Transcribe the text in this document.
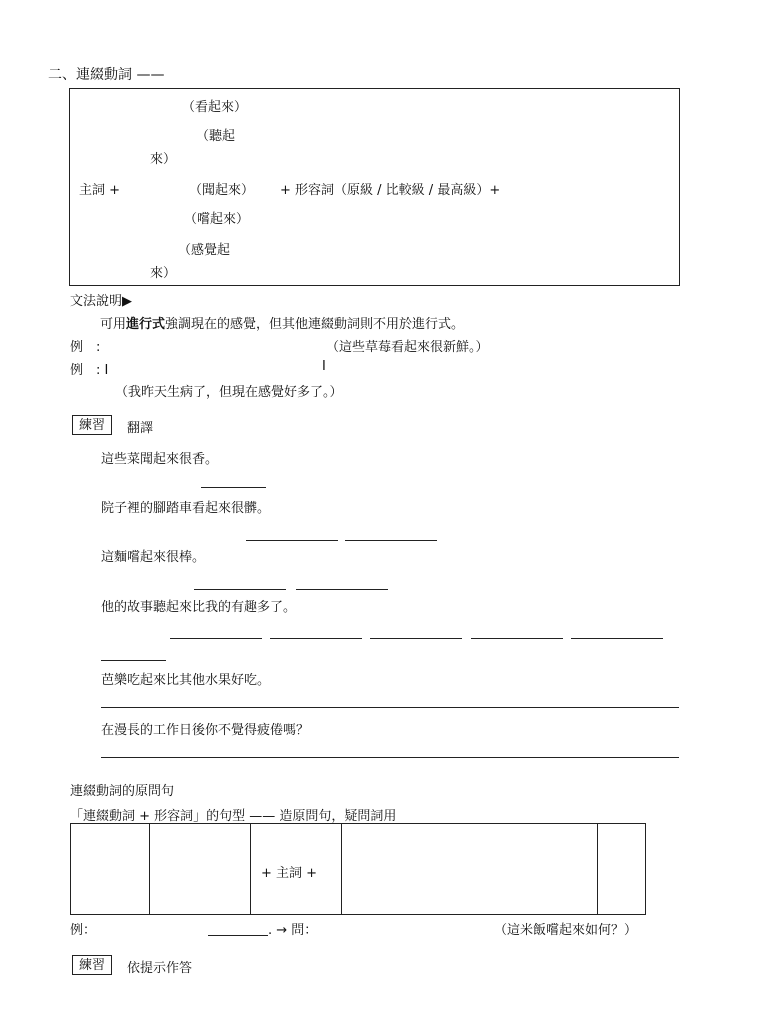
二、連綴動詞 ——
（看起來）
（聽起
來）
主詞 +	（聞起來） + 形容詞（原級 / 比較級 / 最高級）+
（嚐起來）
（感覺起
來）
文法說明▶
可用進行式強調現在的感覺，但其他連綴動詞則不用於進行式。
例　:	（這些草莓看起來很新鮮。）
例　: I	I
（我昨天生病了，但現在感覺好多了。）
練習	翻譯
這些菜聞起來很香。
院子裡的腳踏車看起來很髒。
這麵嚐起來很棒。
他的故事聽起來比我的有趣多了。
芭樂吃起來比其他水果好吃。
在漫長的工作日後你不覺得疲倦嗎？
連綴動詞的原問句
「連綴動詞 + 形容詞」的句型 —— 造原問句，疑問詞用
+ 主詞 +
例：	. → 問：	（這米飯嚐起來如何？）
練習	依提示作答
